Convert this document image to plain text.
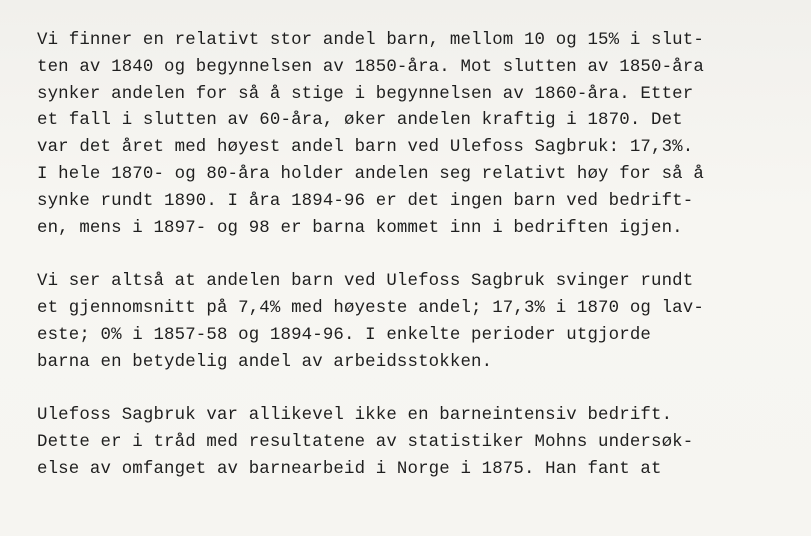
Vi finner en relativt stor andel barn, mellom 10 og 15% i slut-
ten av 1840 og begynnelsen av 1850-åra. Mot slutten av 1850-åra
synker andelen for så å stige i begynnelsen av 1860-åra. Etter
et fall i slutten av 60-åra, øker andelen kraftig i 1870. Det
var det året med høyest andel barn ved Ulefoss Sagbruk: 17,3%.
I hele 1870- og 80-åra holder andelen seg relativt høy for så å
synke rundt 1890. I åra 1894-96 er det ingen barn ved bedrift-
en, mens i 1897- og 98 er barna kommet inn i bedriften igjen.
Vi ser altså at andelen barn ved Ulefoss Sagbruk svinger rundt
et gjennomsnitt på 7,4% med høyeste andel; 17,3% i 1870 og lav-
este; 0% i 1857-58 og 1894-96. I enkelte perioder utgjorde
barna en betydelig andel av arbeidsstokken.
Ulefoss Sagbruk var allikevel ikke en barneintensiv bedrift.
Dette er i tråd med resultatene av statistiker Mohns undersøk-
else av omfanget av barnearbeid i Norge i 1875. Han fant at
